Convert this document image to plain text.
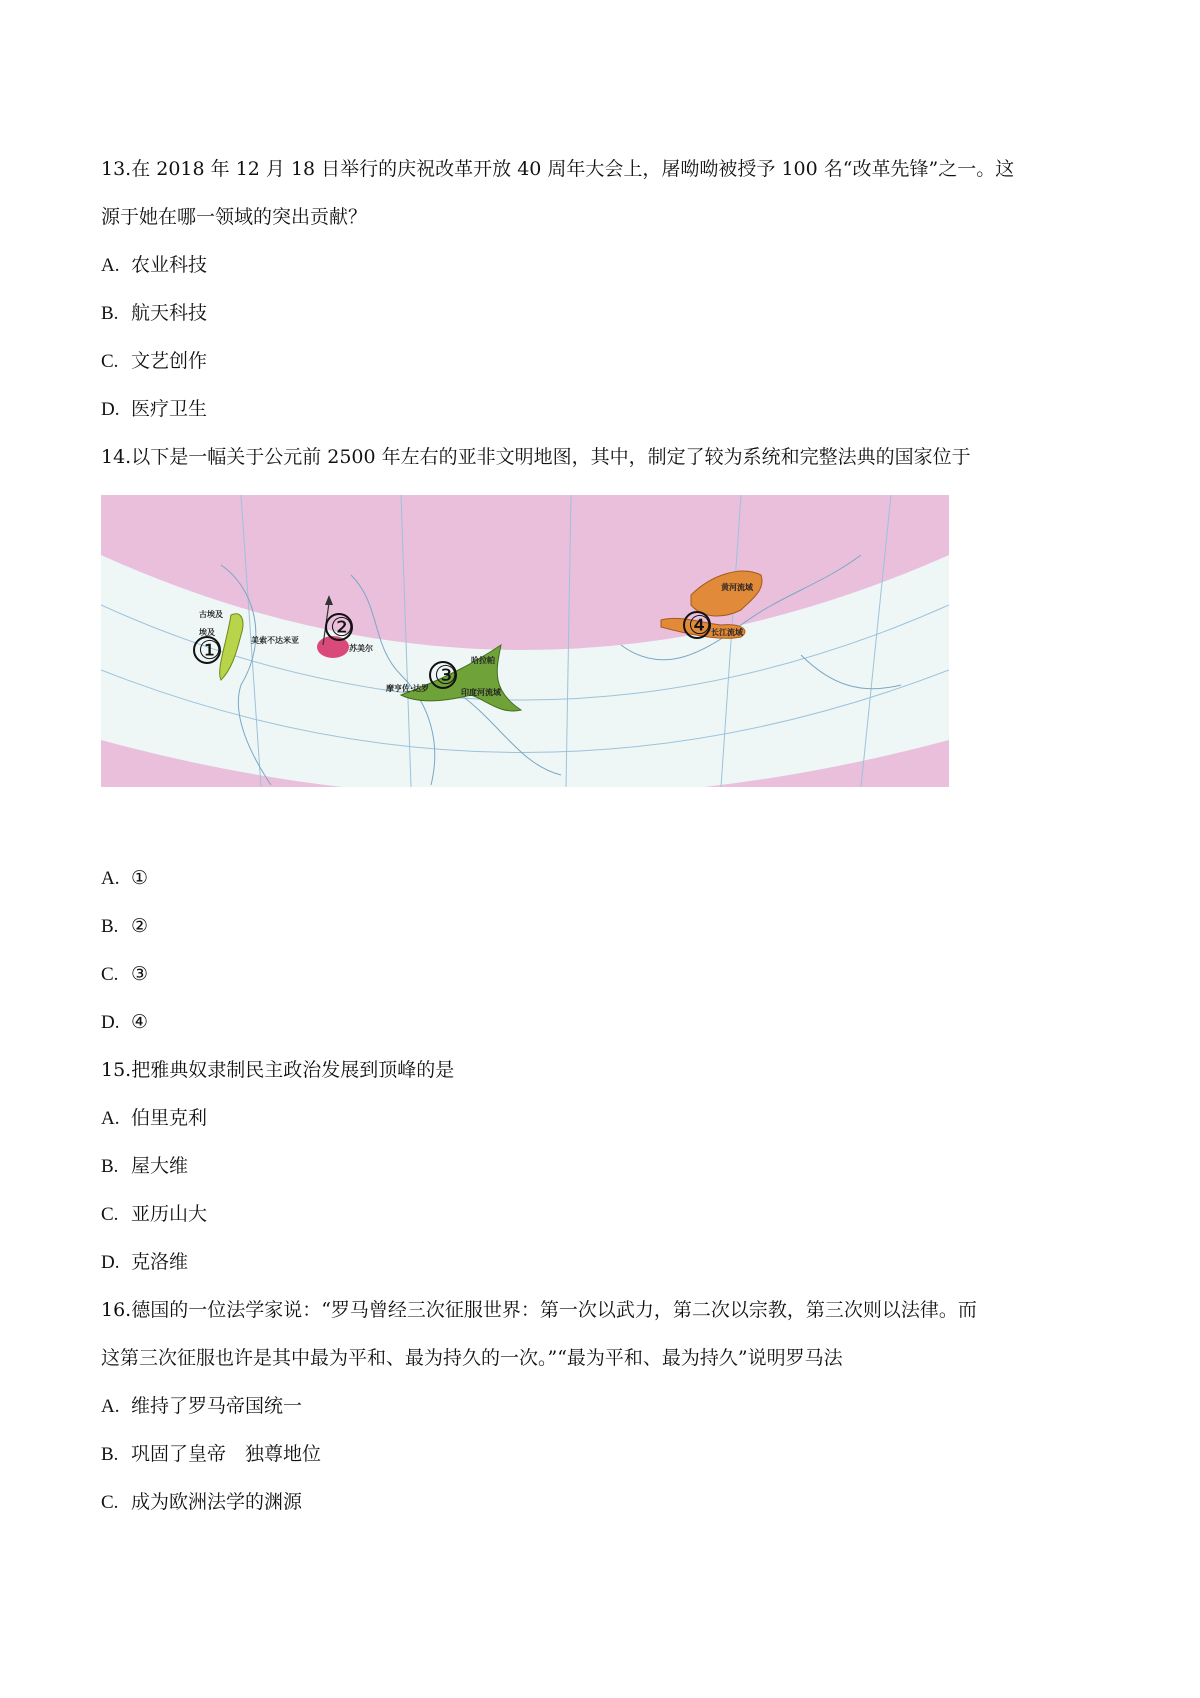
13.在 2018 年 12 月 18 日举行的庆祝改革开放 40 周年大会上，屠呦呦被授予 100 名“改革先锋”之一。这
源于她在哪一领域的突出贡献？
A. 农业科技
B. 航天科技
C. 文艺创作
D. 医疗卫生
14.以下是一幅关于公元前 2500 年左右的亚非文明地图，其中，制定了较为系统和完整法典的国家位于
①
②
③
④
古埃及
埃及
美索不达米亚
苏美尔
哈拉帕
摩亨佐·达罗	印度河流域
黄河流域
长江流域
A. ①
B. ②
C. ③
D. ④
15.把雅典奴隶制民主政治发展到顶峰的是
A. 伯里克利
B. 屋大维
C. 亚历山大
D. 克洛维
16.德国的一位法学家说：“罗马曾经三次征服世界：第一次以武力，第二次以宗教，第三次则以法律。而
这第三次征服也许是其中最为平和、最为持久的一次。”“最为平和、最为持久”说明罗马法
A. 维持了罗马帝国统一
B. 巩固了皇帝　独尊地位
C. 成为欧洲法学的渊源
